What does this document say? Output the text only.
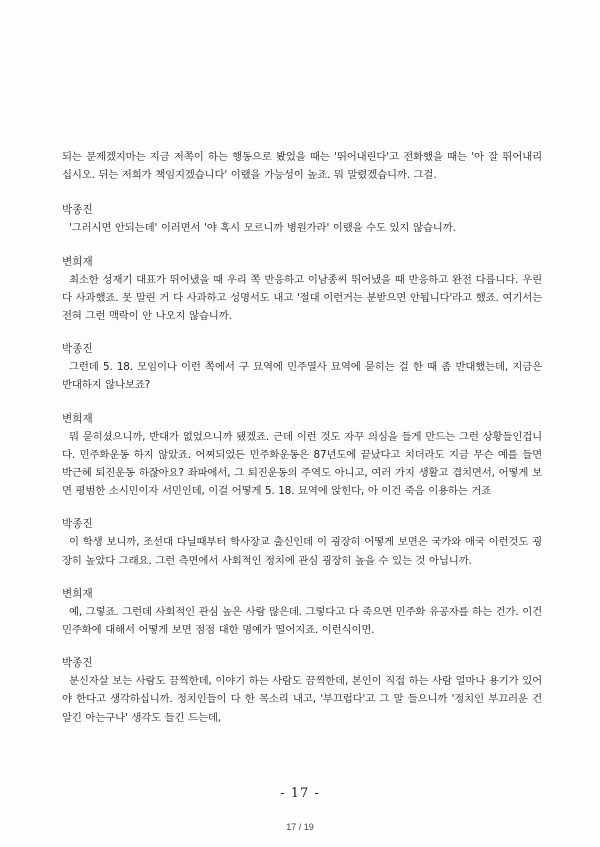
되는 문제겠지마는 지금 저쪽이 하는 행동으로 봤었을 때는 '뛰어내린다'고 전화했을 때는 '아 잘 뛰어내리십시오. 뒤는 저희가 책임지겠습니다' 이랬을 가능성이 높죠. 뭐 말렸겠습니까. 그걸.

박종진

'그러시면 안되는데' 이러면서 '야 혹시 모르니까 병원가라' 이랬을 수도 있지 않습니까.

변희재

최소한 성재기 대표가 뛰어냈을 때 우리 쪽 반응하고 이남종씨 뛰어냈을 때 반응하고 완전 다릅니다. 우린 다 사과했죠. 못 말린 거 다 사과하고 성명서도 내고 '절대 이런거는 분받으면 안됩니다'라고 했죠. 여기서는 전혀 그런 맥락이 안 나오지 않습니까.

박종진

그런데 5. 18. 모임이나 이런 쪽에서 구 묘역에 민주열사 묘역에 묻히는 걸 한 때 좀 반대했는데, 지금은 반대하지 않나보죠?

변희재

뭐 묻히셨으니까, 반대가 없었으니까 됐겠죠. 근데 이런 것도 자꾸 의심을 들게 만드는 그런 상황들인겁니다. 민주화운동 하지 않았죠. 어찌되었든 민주화운동은 87년도에 끝났다고 치더라도 지금 무슨 예를 들면 박근혜 퇴진운동 하잖아요? 좌파에서, 그 퇴진운동의 주역도 아니고, 여러 가지 생활고 겹치면서, 어떻게 보면 평범한 소시민이자 서민인데, 이걸 어떻게 5. 18. 묘역에 앉힌다, 아 이건 죽음 이용하는 거죠

박종진

이 학생 보니까, 조선대 다닐때부터 학사장교 출신인데 이 굉장히 어떻게 보면은 국가와 애국 이런것도 굉장히 높았다 그래요. 그런 측면에서 사회적인 정치에 관심 굉장히 높을 수 있는 것 아닙니까.

변희재

예, 그렇죠. 그런데 사회적인 관심 높은 사람 많은데. 그렇다고 다 죽으면 민주화 유공자를 하는 건가. 이건 민주화에 대해서 어떻게 보면 점점 대한 명예가 떨어지죠. 이런식이면.

박종진

분신자살 보는 사람도 끔찍한데, 이야기 하는 사람도 끔찍한데, 본인이 직접 하는 사람 얼마나 용기가 있어야 한다고 생각하십니까. 정치인들이 다 한 목소리 내고, '부끄럽다'고 그 말 들으니까 '정치인 부끄러운 건 알긴 아는구나' 생각도 들긴 드는데,

- 17 -
17 / 19
